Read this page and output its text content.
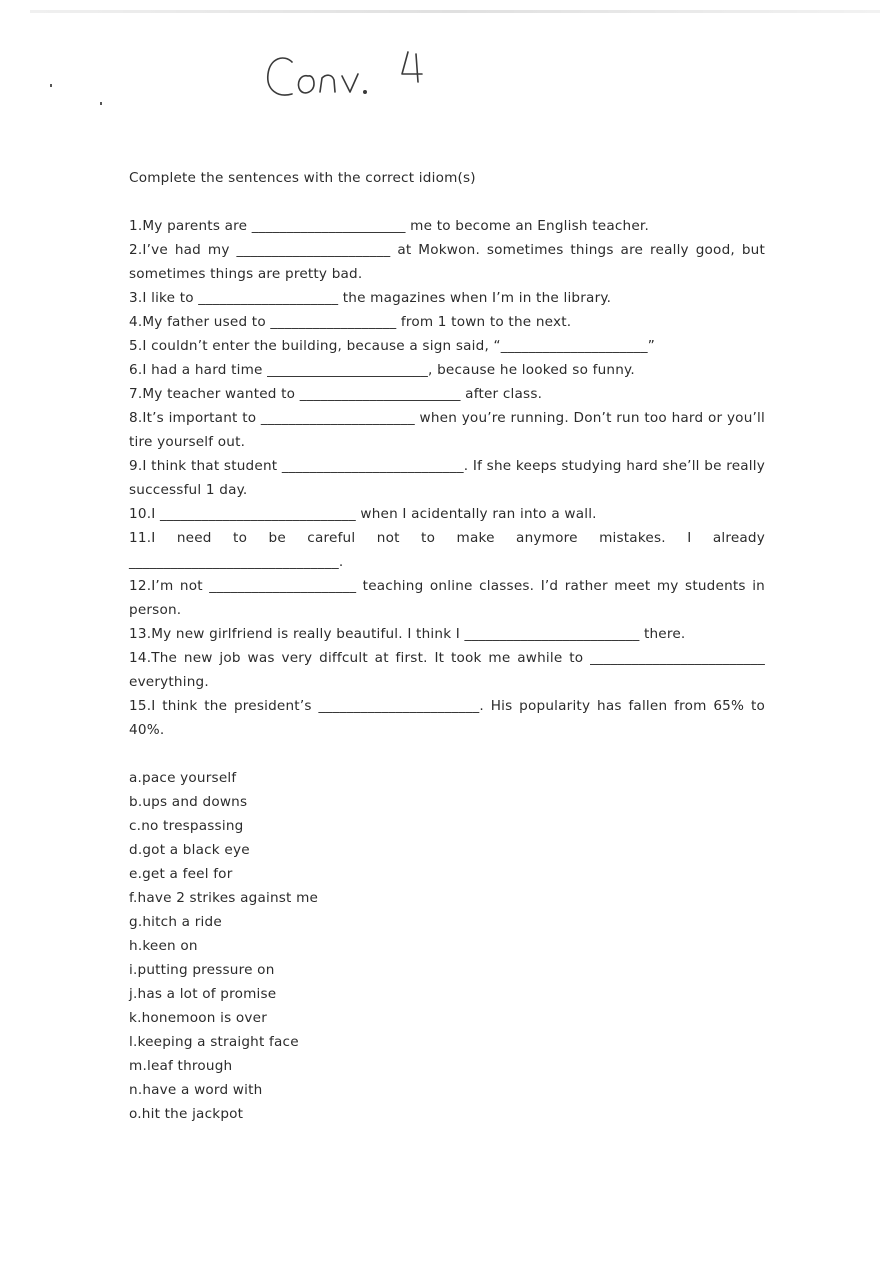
Complete the sentences with the correct idiom(s)

1.My parents are ______________________ me to become an English teacher.

2.I’ve had my ______________________ at Mokwon. sometimes things are really good, but sometimes things are pretty bad.

3.I like to ____________________ the magazines when I’m in the library.

4.My father used to __________________ from 1 town to the next.

5.I couldn’t enter the building, because a sign said, “_____________________”

6.I had a hard time _______________________, because he looked so funny.

7.My teacher wanted to _______________________ after class.

8.It’s important to ______________________ when you’re running. Don’t run too hard or you’ll tire yourself out.

9.I think that student __________________________. If she keeps studying hard she’ll be really successful 1 day.

10.I ____________________________ when I acidentally ran into a wall.

11.I need to be careful not to make anymore mistakes. I already ______________________________.

12.I’m not _____________________ teaching online classes. I’d rather meet my students in person.

13.My new girlfriend is really beautiful. I think I _________________________ there.

14.The new job was very diffcult at first. It took me awhile to _________________________ everything.

15.I think the president’s _______________________. His popularity has fallen from 65% to 40%.

a.pace yourself

b.ups and downs

c.no trespassing

d.got a black eye

e.get a feel for

f.have 2 strikes against me

g.hitch a ride

h.keen on

i.putting pressure on

j.has a lot of promise

k.honemoon is over

l.keeping a straight face

m.leaf through

n.have a word with

o.hit the jackpot
